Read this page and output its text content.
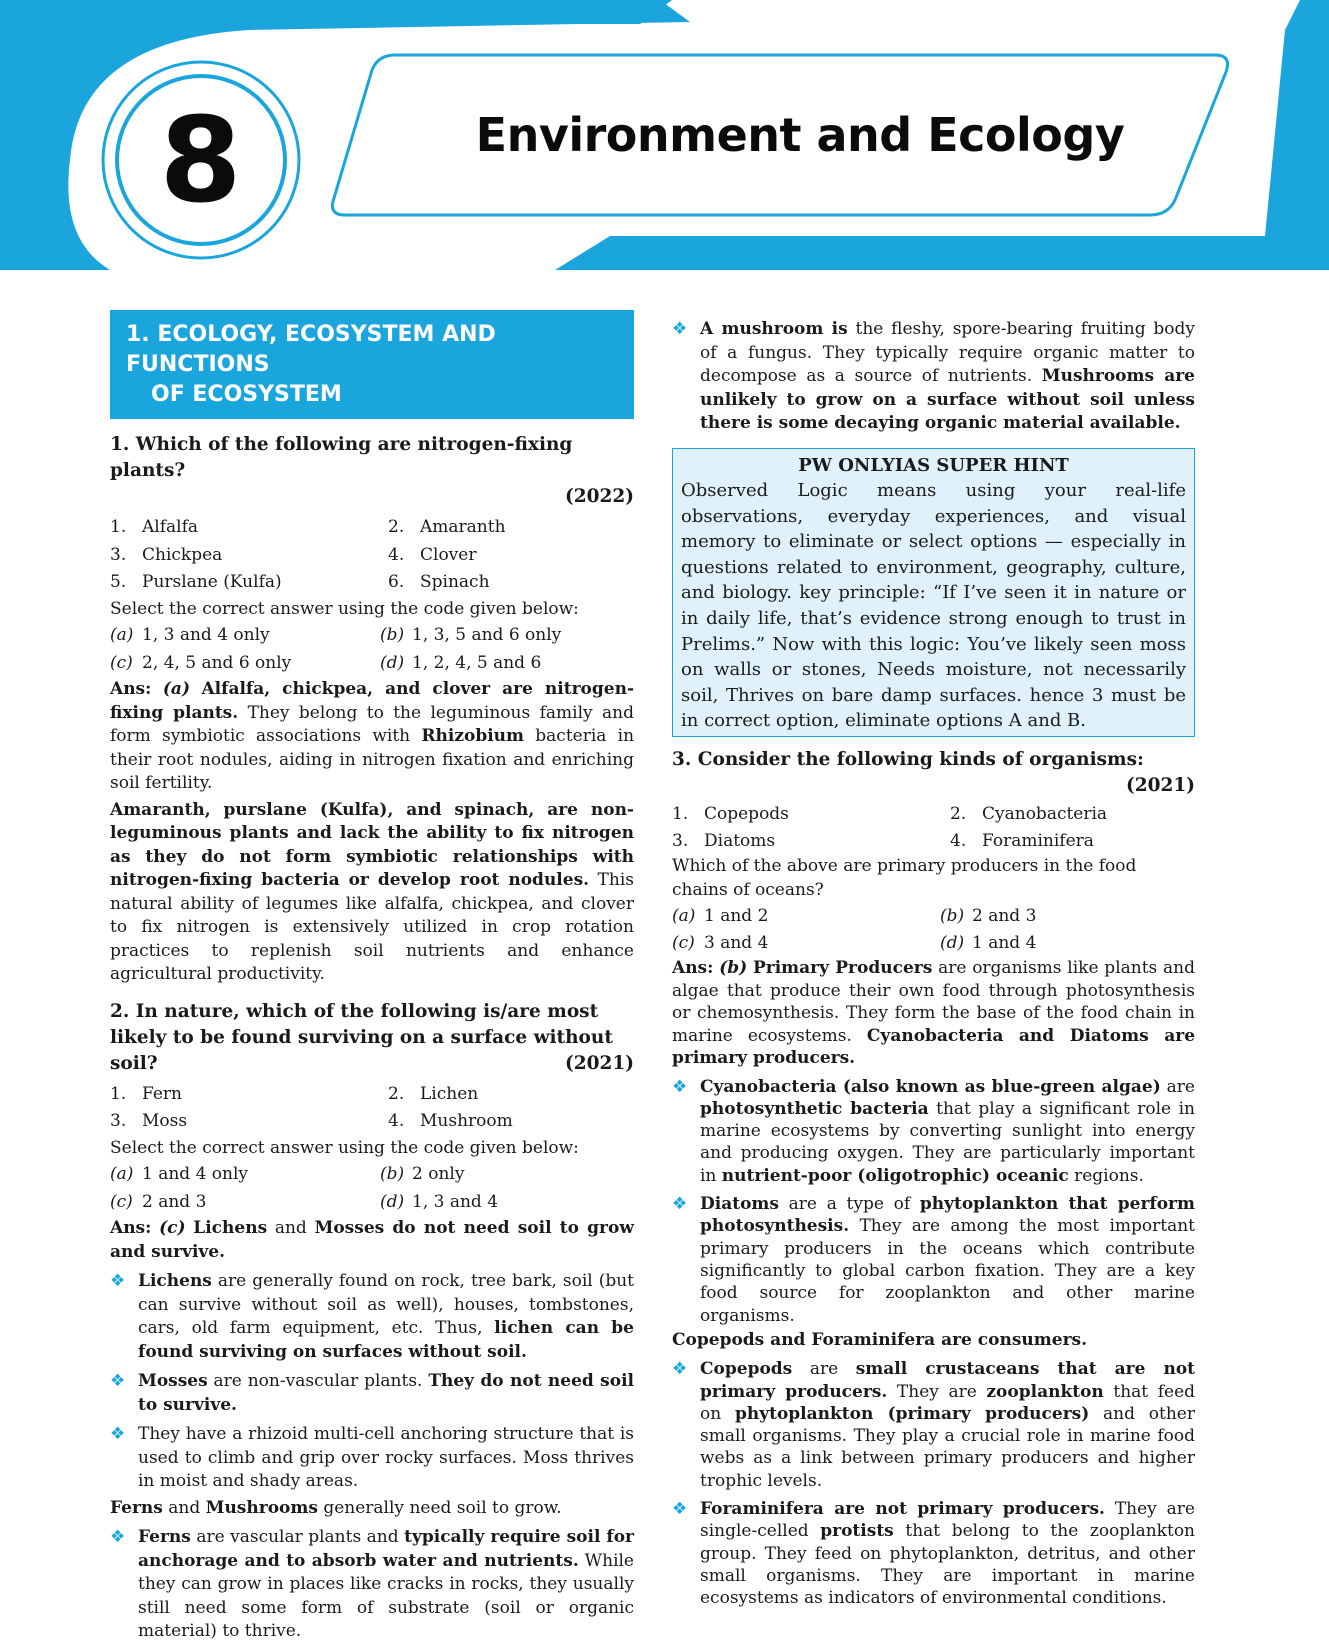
8	Environment and Ecology
1. ECOLOGY, ECOSYSTEM AND FUNCTIONS
OF ECOSYSTEM
1. Which of the following are nitrogen-fixing plants?

(2022)
1. Alfalfa	2. Amaranth
3. Chickpea	4. Clover
5. Purslane (Kulfa)	6. Spinach

Select the correct answer using the code given below:

(a) 1, 3 and 4 only	(b) 1, 3, 5 and 6 only
(c) 2, 4, 5 and 6 only	(d) 1, 2, 4, 5 and 6

Ans: (a) Alfalfa, chickpea, and clover are nitrogen-fixing plants. They belong to the leguminous family and form symbiotic associations with Rhizobium bacteria in their root nodules, aiding in nitrogen fixation and enriching soil fertility.

Amaranth, purslane (Kulfa), and spinach, are non-leguminous plants and lack the ability to fix nitrogen as they do not form symbiotic relationships with nitrogen-fixing bacteria or develop root nodules. This natural ability of legumes like alfalfa, chickpea, and clover to fix nitrogen is extensively utilized in crop rotation practices to replenish soil nutrients and enhance agricultural productivity.

2. In nature, which of the following is/are most likely to be found surviving on a surface without soil?	(2021)
1. Fern	2. Lichen
3. Moss	4. Mushroom

Select the correct answer using the code given below:

(a) 1 and 4 only	(b) 2 only
(c) 2 and 3	(d) 1, 3 and 4

Ans: (c) Lichens and Mosses do not need soil to grow and survive.

❖ Lichens are generally found on rock, tree bark, soil (but can survive without soil as well), houses, tombstones, cars, old farm equipment, etc. Thus, lichen can be found surviving on surfaces without soil.
❖ Mosses are non-vascular plants. They do not need soil to survive.
❖ They have a rhizoid multi-cell anchoring structure that is used to climb and grip over rocky surfaces. Moss thrives in moist and shady areas.

Ferns and Mushrooms generally need soil to grow.

❖ Ferns are vascular plants and typically require soil for anchorage and to absorb water and nutrients. While they can grow in places like cracks in rocks, they usually still need some form of substrate (soil or organic material) to thrive.
❖ A mushroom is the fleshy, spore-bearing fruiting body of a fungus. They typically require organic matter to decompose as a source of nutrients. Mushrooms are unlikely to grow on a surface without soil unless there is some decaying organic material available.
PW ONLYIAS SUPER HINT
Observed Logic means using your real-life observations, everyday experiences, and visual memory to eliminate or select options — especially in questions related to environment, geography, culture, and biology. key principle: “If I’ve seen it in nature or in daily life, that’s evidence strong enough to trust in Prelims.” Now with this logic: You’ve likely seen moss on walls or stones, Needs moisture, not necessarily soil, Thrives on bare damp surfaces. hence 3 must be in correct option, eliminate options A and B.
3. Consider the following kinds of organisms:
(2021)
1. Copepods	2. Cyanobacteria
3. Diatoms	4. Foraminifera

Which of the above are primary producers in the food chains of oceans?

(a) 1 and 2	(b) 2 and 3
(c) 3 and 4	(d) 1 and 4

Ans: (b) Primary Producers are organisms like plants and algae that produce their own food through photosynthesis or chemosynthesis. They form the base of the food chain in marine ecosystems. Cyanobacteria and Diatoms are primary producers.

❖ Cyanobacteria (also known as blue-green algae) are photosynthetic bacteria that play a significant role in marine ecosystems by converting sunlight into energy and producing oxygen. They are particularly important in nutrient-poor (oligotrophic) oceanic regions.
❖ Diatoms are a type of phytoplankton that perform photosynthesis. They are among the most important primary producers in the oceans which contribute significantly to global carbon fixation. They are a key food source for zooplankton and other marine organisms.

Copepods and Foraminifera are consumers.

❖ Copepods are small crustaceans that are not primary producers. They are zooplankton that feed on phytoplankton (primary producers) and other small organisms. They play a crucial role in marine food webs as a link between primary producers and higher trophic levels.
❖ Foraminifera are not primary producers. They are single-celled protists that belong to the zooplankton group. They feed on phytoplankton, detritus, and other small organisms. They are important in marine ecosystems as indicators of environmental conditions.
